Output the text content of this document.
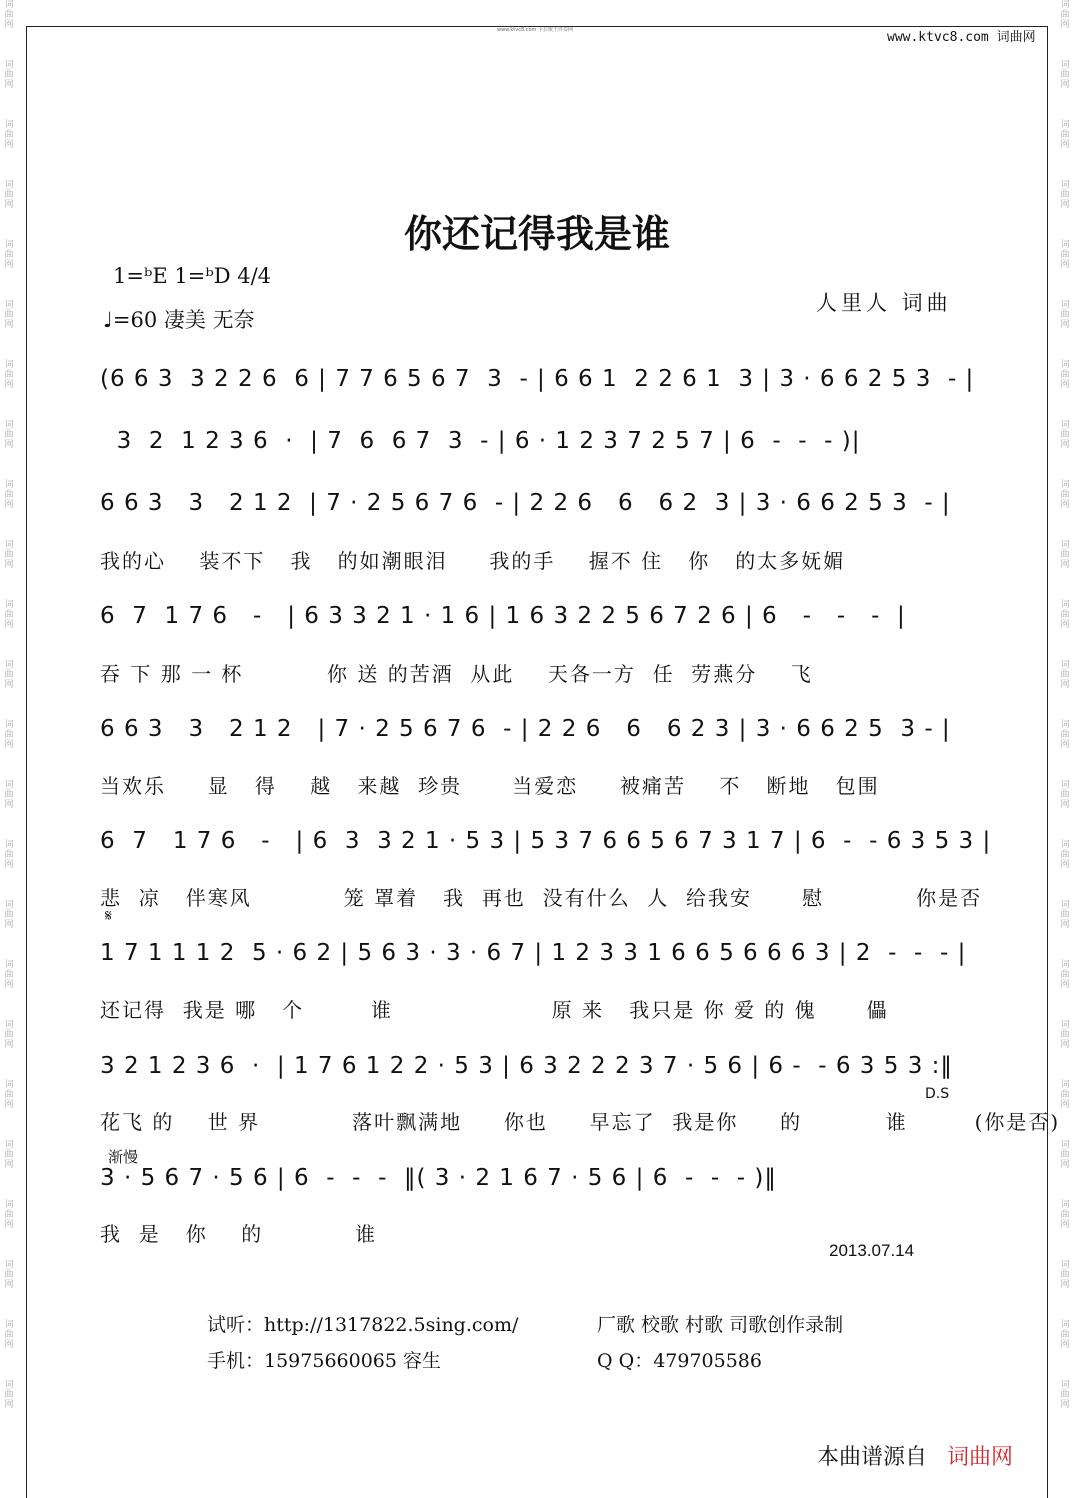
词
曲
网
词
曲
网
词
曲
网
词
曲
网
词
曲
网
词
曲
网
词
曲
网
词
曲
网
词
曲
网
词
曲
网
词
曲
网
词
曲
网
词
曲
网
词
曲
网
词
曲
网
词
曲
网
词
曲
网
词
曲
网
词
曲
网
词
曲
网
词
曲
网
词
曲
网
词
曲
网
词
曲
网
词
曲
网
词
曲
网
词
曲
网
词
曲
网
词
曲
网
词
曲
网
词
曲
网
词
曲
网
词
曲
网
词
曲
网
词
曲
网
词
曲
网
词
曲
网
词
曲
网
词
曲
网
词
曲
网
词
曲
网
词
曲
网
词
曲
网
词
曲
网
词
曲
网
词
曲
网
词
曲
网
词
曲
网
www.ktvc8.com 卡拉歌王伴奏网	www.ktvc8.com 词曲网
你还记得我是谁
1=ᵇE 1=ᵇD 4/4
♩=60 凄美 无奈
人里人 词曲
(6 6 3  3 2 2 6  6 | 7 7 6 5 6 7  3  - | 6 6 1  2 2 6 1  3 | 3 · 6 6 2 5 3  - |
3  2  1 2 3 6  ·  | 7  6  6 7  3  - | 6 · 1 2 3 7 2 5 7 | 6  -  -  - )|
6 6 3   3   2 1 2  | 7 · 2 5 6 7 6  - | 2 2 6   6   6 2  3 | 3 · 6 6 2 5 3  - |
我的心    装不下   我   的如潮眼泪     我的手    握不 住   你   的太多妩媚
6  7  1 7 6   -   | 6 3 3 2 1 · 1 6 | 1 6 3 2 2 5 6 7 2 6 | 6   -   -   -  |
吞 下 那 一 杯          你 送 的苦酒  从此    天各一方  任  劳燕分    飞
6 6 3   3   2 1 2   | 7 · 2 5 6 7 6  - | 2 2 6   6   6 2 3 | 3 · 6 6 2 5  3 - |
当欢乐     显   得    越   来越  珍贵      当爱恋     被痛苦    不   断地   包围
6  7   1 7 6   -   | 6  3  3 2 1 · 5 3 | 5 3 7 6 6 5 6 7 3 1 7 | 6  -  - 6 3 5 3 |
悲  凉   伴寒风           笼 罩着   我  再也  没有什么  人  给我安      慰           你是否
𝄋
1 7 1 1 1 2  5 · 6 2 | 5 6 3 · 3 · 6 7 | 1 2 3 3 1 6 6 5 6 6 6 3 | 2  -  -  - |
还记得  我是 哪   个        谁                   原 来   我只是 你 爱 的 傀      儡
3 2 1 2 3 6  ·  | 1 7 6 1 2 2 · 5 3 | 6 3 2 2 2 3 7 · 5 6 | 6 -  - 6 3 5 3 :‖
D.S
花飞 的    世 界           落叶飘满地     你也     早忘了  我是你     的          谁        (你是否)
渐慢
3 · 5 6 7 · 5 6 | 6  -  -  -  ‖( 3 · 2 1 6 7 · 5 6 | 6  -  -  - )‖
我  是   你    的           谁
2013.07.14
试听：http://1317822.5sing.com/	厂歌 校歌 村歌 司歌创作录制
手机：15975660065 容生	Q Q：479705586
本曲谱源自 词曲网
